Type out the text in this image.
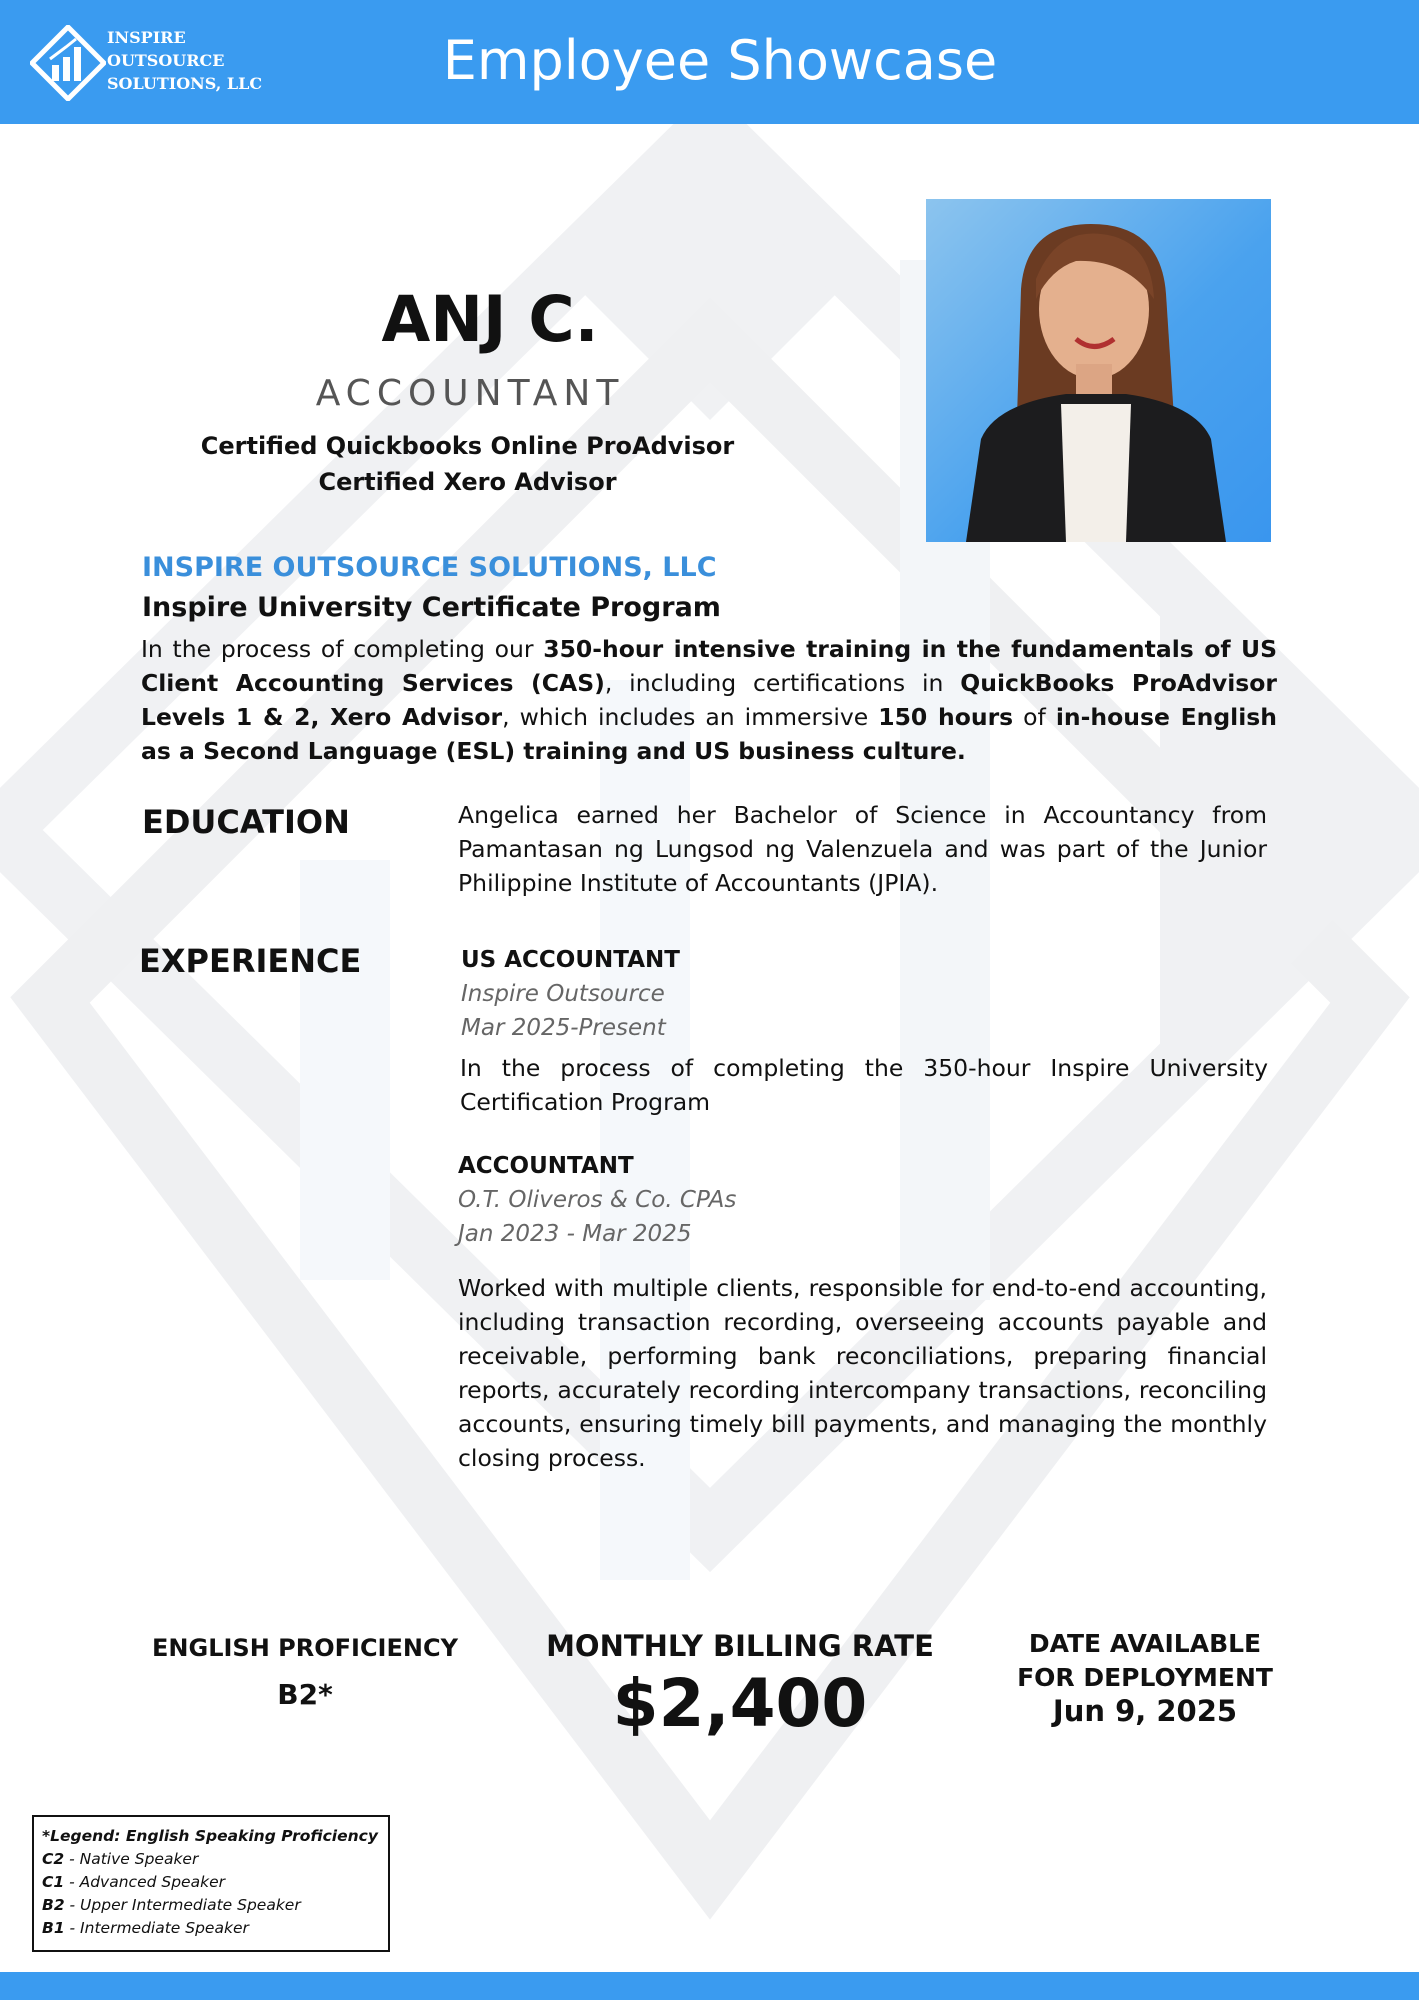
INSPIRE
OUTSOURCE
SOLUTIONS, LLC	Employee Showcase
ANJ C.
ACCOUNTANT
Certified Quickbooks Online ProAdvisor
Certified Xero Advisor
INSPIRE OUTSOURCE SOLUTIONS, LLC
Inspire University Certificate Program
In the process of completing our 350-hour intensive training in the fundamentals of US Client Accounting Services (CAS), including certifications in QuickBooks ProAdvisor Levels 1 & 2, Xero Advisor, which includes an immersive 150 hours of in-house English as a Second Language (ESL) training and US business culture.
EDUCATION	Angelica earned her Bachelor of Science in Accountancy from Pamantasan ng Lungsod ng Valenzuela and was part of the Junior Philippine Institute of Accountants (JPIA).
EXPERIENCE	US ACCOUNTANT
Inspire Outsource
Mar 2025-Present
In the process of completing the 350-hour Inspire University Certification Program
ACCOUNTANT
O.T. Oliveros & Co. CPAs
Jan 2023 - Mar 2025
Worked with multiple clients, responsible for end-to-end accounting, including transaction recording, overseeing accounts payable and receivable, performing bank reconciliations, preparing financial reports, accurately recording intercompany transactions, reconciling accounts, ensuring timely bill payments, and managing the monthly closing process.
ENGLISH PROFICIENCY
B2*
MONTHLY BILLING RATE
$2,400
DATE AVAILABLE
FOR DEPLOYMENT
Jun 9, 2025
*Legend: English Speaking Proficiency
C2 - Native Speaker
C1 - Advanced Speaker
B2 - Upper Intermediate Speaker
B1 - Intermediate Speaker
